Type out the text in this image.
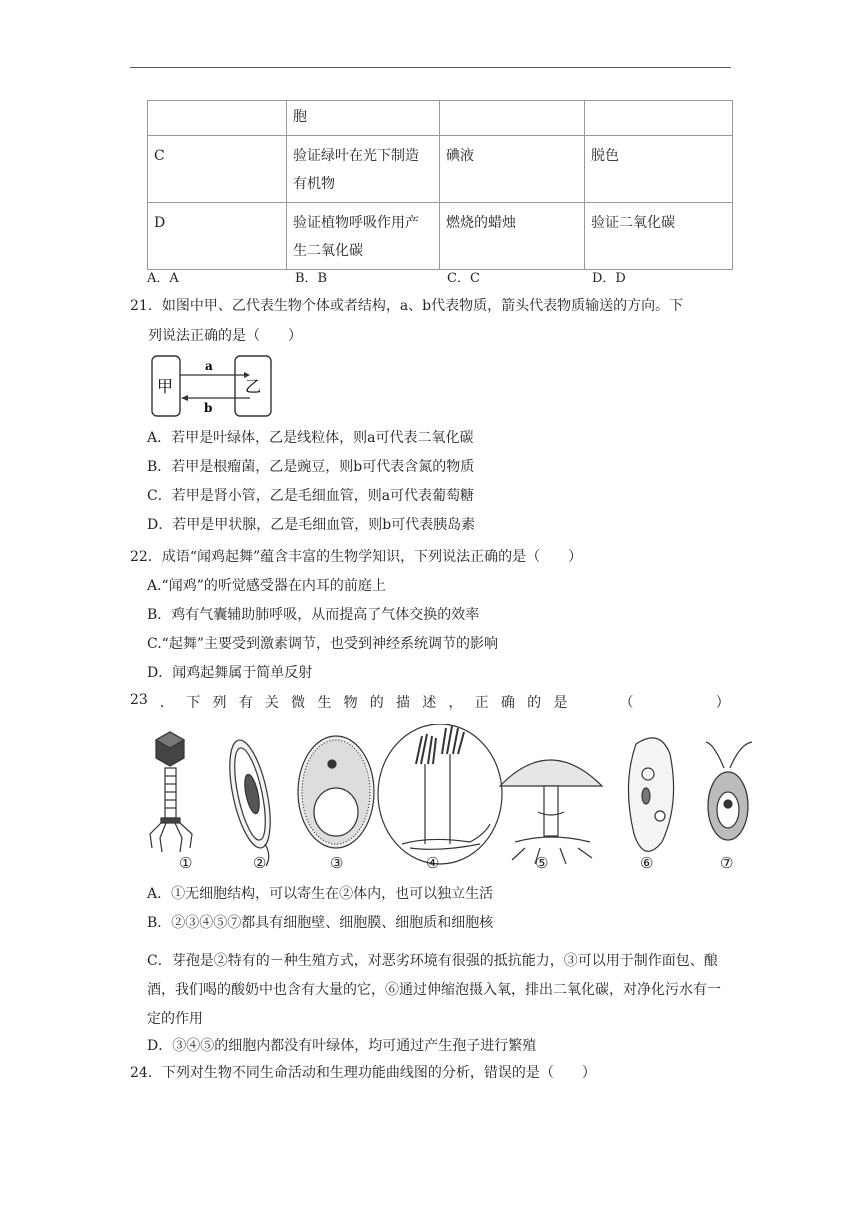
	胞		
C	验证绿叶在光下制造有机物	碘液	脱色
D	验证植物呼吸作用产生二氧化碳	燃烧的蜡烛	验证二氧化碳
A．A	B．B	C．C	D．D
21．如图中甲、乙代表生物个体或者结构，a、b代表物质，箭头代表物质输送的方向。下
列说法正确的是（　　）
甲	乙
a
b
A．若甲是叶绿体，乙是线粒体，则a可代表二氧化碳
B．若甲是根瘤菌，乙是豌豆，则b可代表含氮的物质
C．若甲是肾小管，乙是毛细血管，则a可代表葡萄糖
D．若甲是甲状腺，乙是毛细血管，则b可代表胰岛素
22．成语“闻鸡起舞”蕴含丰富的生物学知识，下列说法正确的是（　　）
A.“闻鸡”的听觉感受器在内耳的前庭上
B．鸡有气囊辅助肺呼吸，从而提高了气体交换的效率
C.“起舞”主要受到激素调节，也受到神经系统调节的影响
D．闻鸡起舞属于简单反射
23 ． 下 列 有 关 微 生 物 的 描 述 ， 正 确 的 是	（	）
①	②	③	④	⑤	⑥	⑦
A．①无细胞结构，可以寄生在②体内，也可以独立生活
B．②③④⑤⑦都具有细胞壁、细胞膜、细胞质和细胞核
C．芽孢是②特有的－种生殖方式，对恶劣环境有很强的抵抗能力，③可以用于制作面包、酿酒，我们喝的酸奶中也含有大量的它，⑥通过伸缩泡摄入氧，排出二氧化碳，对净化污水有一定的作用
D．③④⑤的细胞内都没有叶绿体，均可通过产生孢子进行繁殖
24．下列对生物不同生命活动和生理功能曲线图的分析，错误的是（　　）
